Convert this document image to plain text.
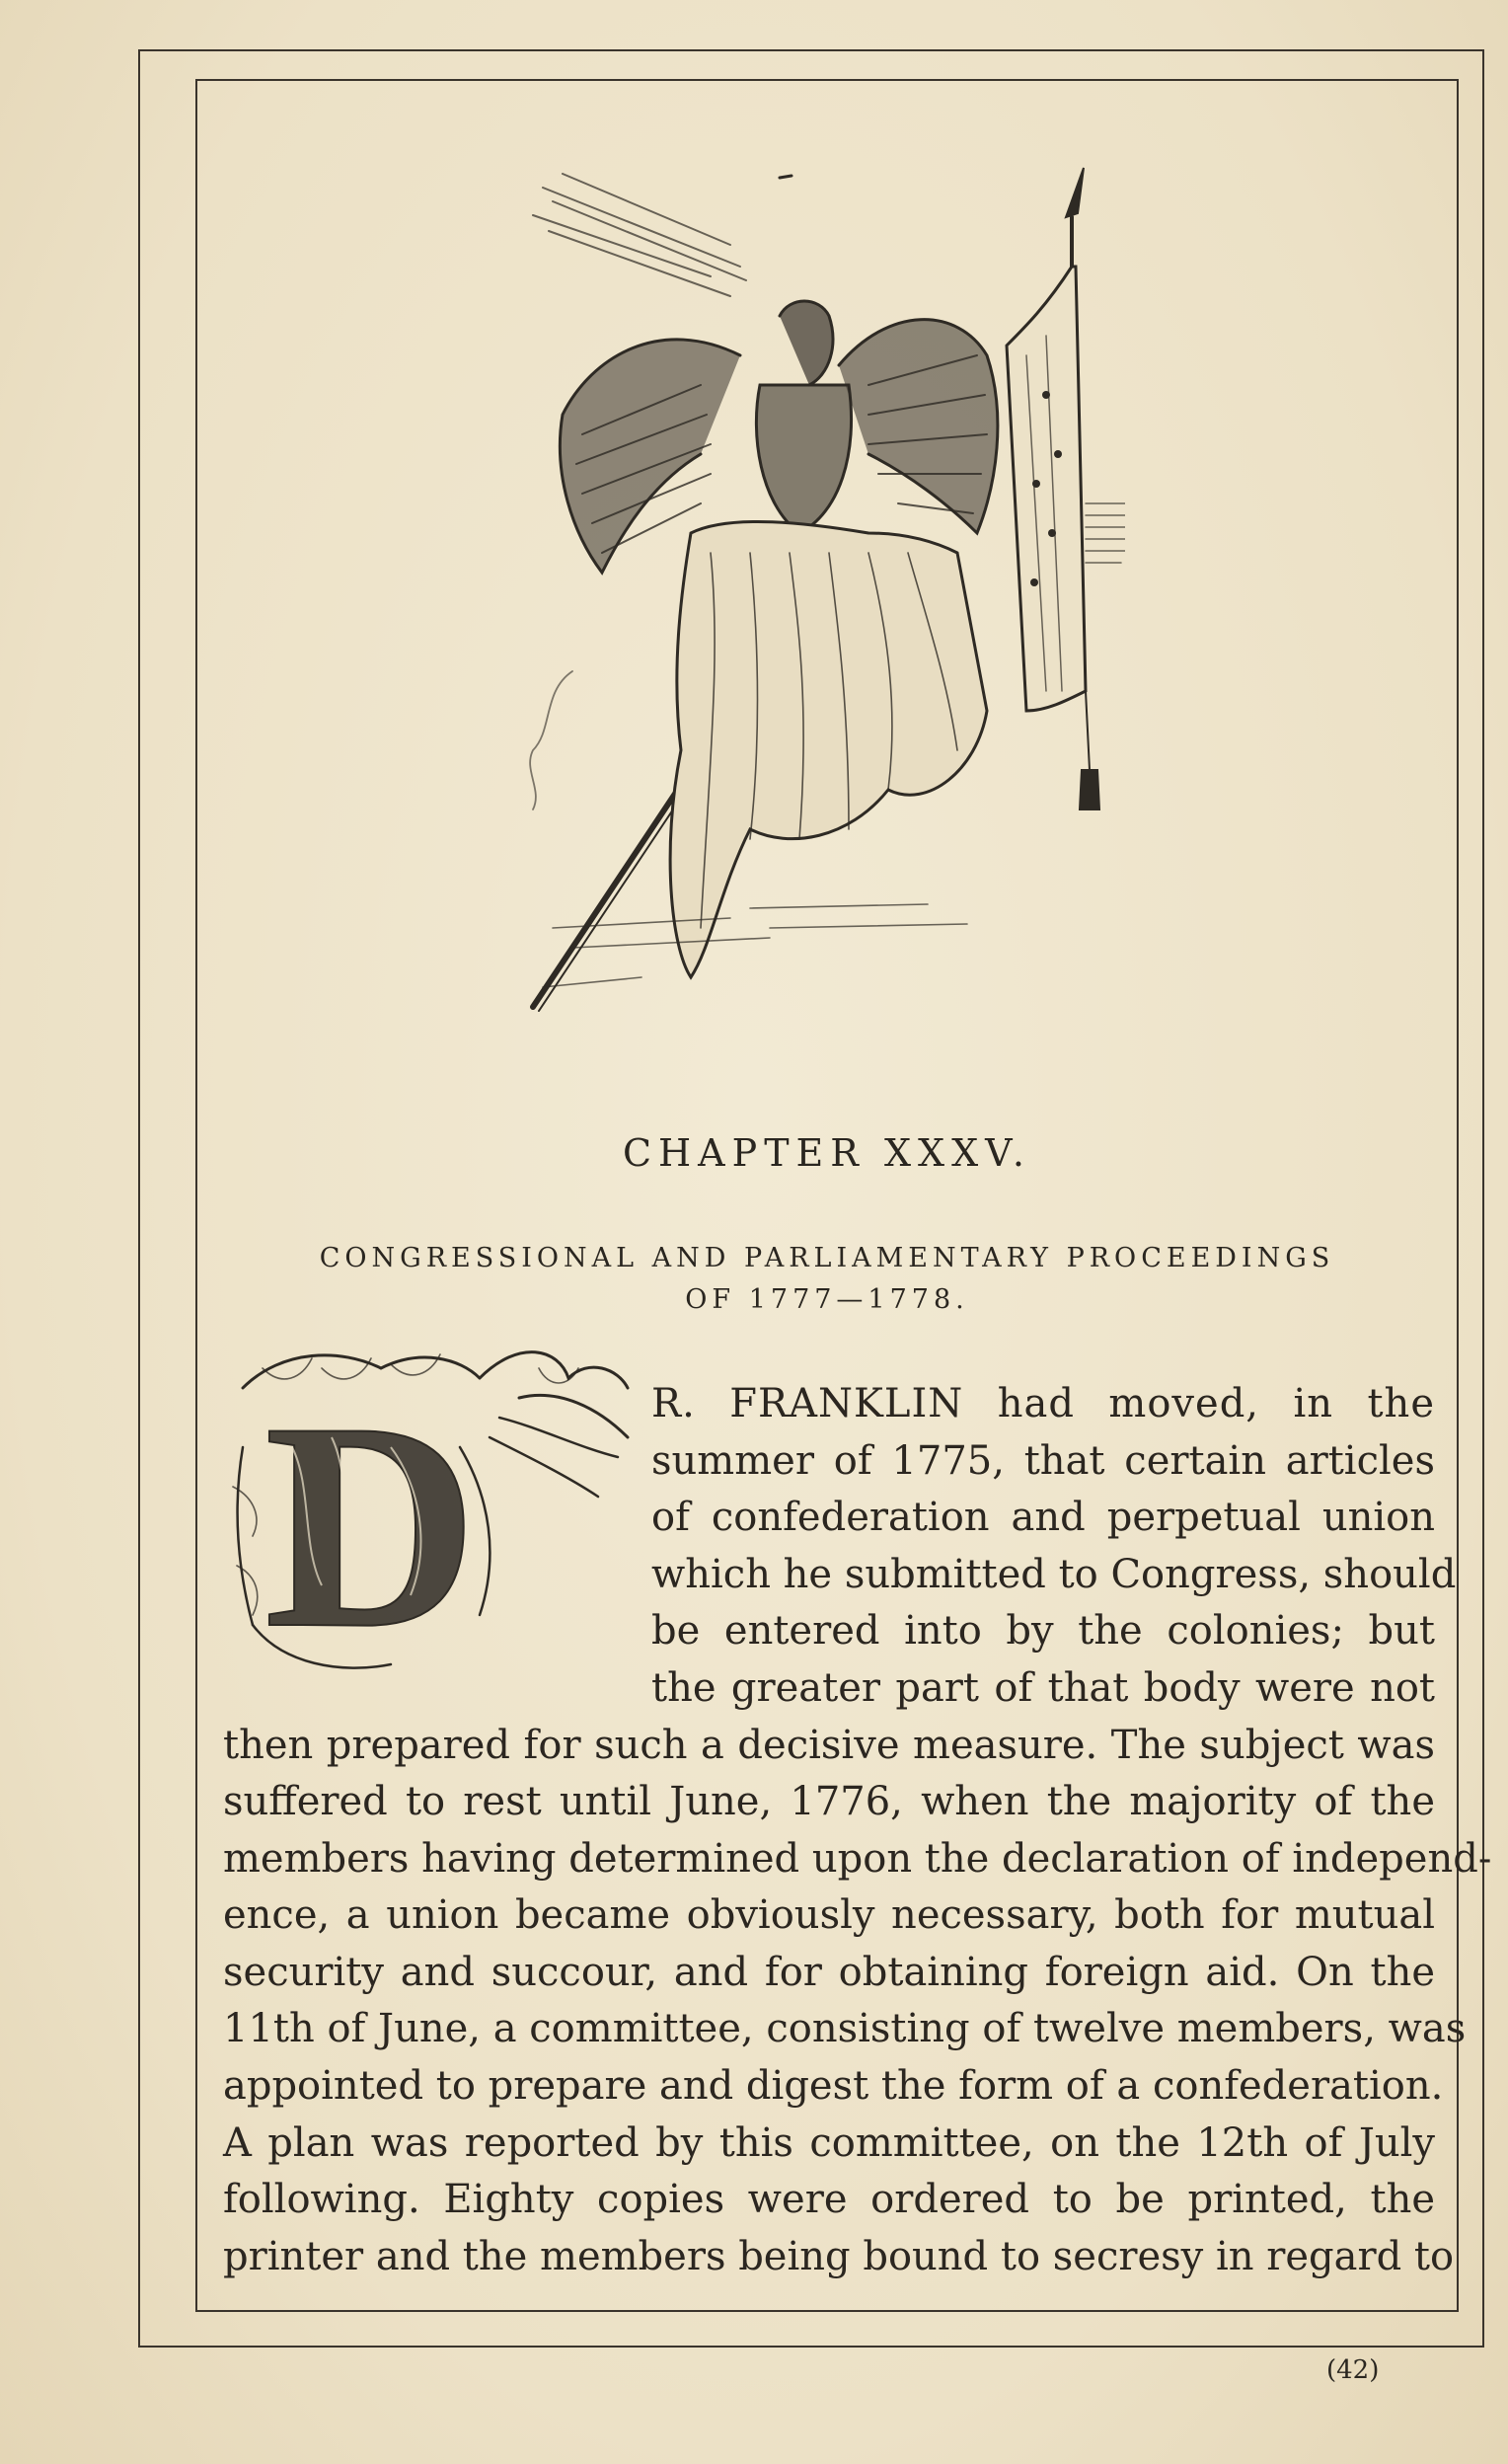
CHAPTER XXXV.
CONGRESSIONAL AND PARLIAMENTARY PROCEEDINGS
OF 1777—1778.
D	R. FRANKLIN had moved, in the

summer of 1775, that certain articles

of confederation and perpetual union

which he submitted to Congress, should

be entered into by the colonies; but

the greater part of that body were not

then prepared for such a decisive measure. The subject was

suffered to rest until June, 1776, when the majority of the

members having determined upon the declaration of independ-

ence, a union became obviously necessary, both for mutual

security and succour, and for obtaining foreign aid. On the

11th of June, a committee, consisting of twelve members, was

appointed to prepare and digest the form of a confederation.

A plan was reported by this committee, on the 12th of July

following. Eighty copies were ordered to be printed, the

printer and the members being bound to secresy in regard to

(42)
